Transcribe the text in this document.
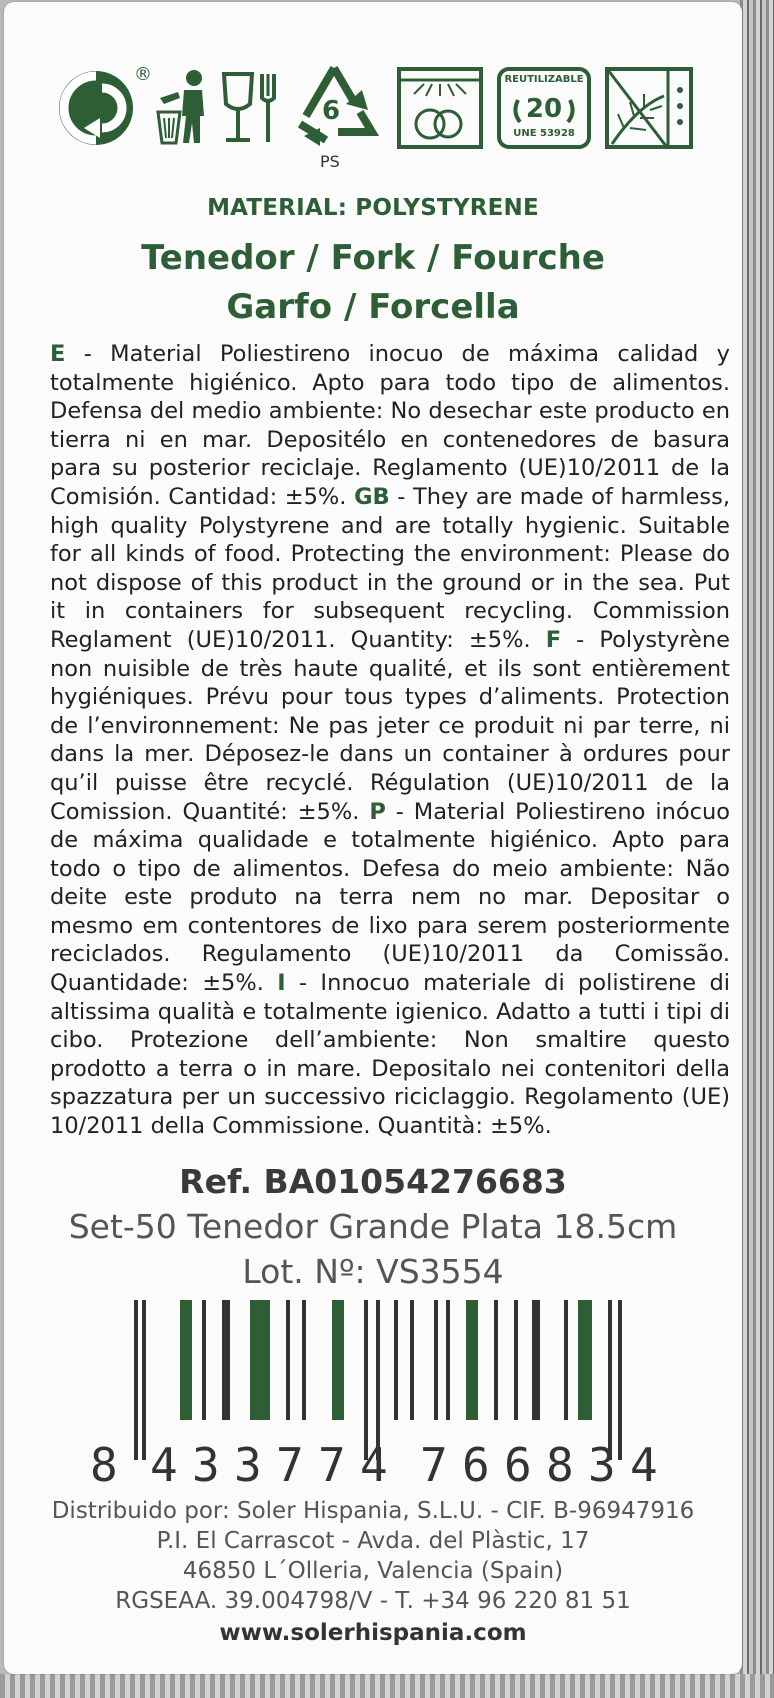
®
6
PS
REUTILIZABLE
20
UNE 53928
MATERIAL: POLYSTYRENE
Tenedor / Fork / Fourche
Garfo / Forcella
E - Material Poliestireno inocuo de máxima calidad y totalmente higiénico. Apto para todo tipo de alimentos. Defensa del medio ambiente: No desechar este producto en tierra ni en mar. Depositélo en contenedores de basura para su posterior reciclaje. Reglamento (UE)10/2011 de la Comisión. Cantidad: ±5%. GB - They are made of harmless, high quality Polystyrene and are totally hygienic. Suitable for all kinds of food. Protecting the environment: Please do not dispose of this product in the ground or in the sea. Put it in containers for subsequent recycling. Commission Reglament (UE)10/2011. Quantity: ±5%. F - Polystyrène non nuisible de très haute qualité, et ils sont entièrement hygiéniques. Prévu pour tous types d’aliments. Protection de l’environnement: Ne pas jeter ce produit ni par terre, ni dans la mer. Déposez-le dans un container à ordures pour qu’il puisse être recyclé. Régulation (UE)10/2011 de la Comission. Quantité: ±5%. P - Material Poliestireno inócuo de máxima qualidade e totalmente higiénico. Apto para todo o tipo de alimentos. Defesa do meio ambiente: Não deite este produto na terra nem no mar. Depositar o mesmo em contentores de lixo para serem posteriormente reciclados. Regulamento (UE)10/2011 da Comissão. Quantidade: ±5%. I - Innocuo materiale di polistirene di altissima qualità e totalmente igienico. Adatto a tutti i tipi di cibo. Protezione dell’ambiente: Non smaltire questo prodotto a terra o in mare. Depositalo nei contenitori della spazzatura per un successivo riciclaggio. Regolamento (UE) 10/2011 della Commissione. Quantità: ±5%.
Ref. BA01054276683
Set-50 Tenedor Grande Plata 18.5cm
Lot. Nº: VS3554
8 4 3 3 7 7 4 7 6 6 8 3 4
Distribuido por: Soler Hispania, S.L.U. - CIF. B-96947916
P.I. El Carrascot - Avda. del Plàstic, 17
46850 L´Olleria, Valencia (Spain)
RGSEAA. 39.004798/V - T. +34 96 220 81 51
www.solerhispania.com
